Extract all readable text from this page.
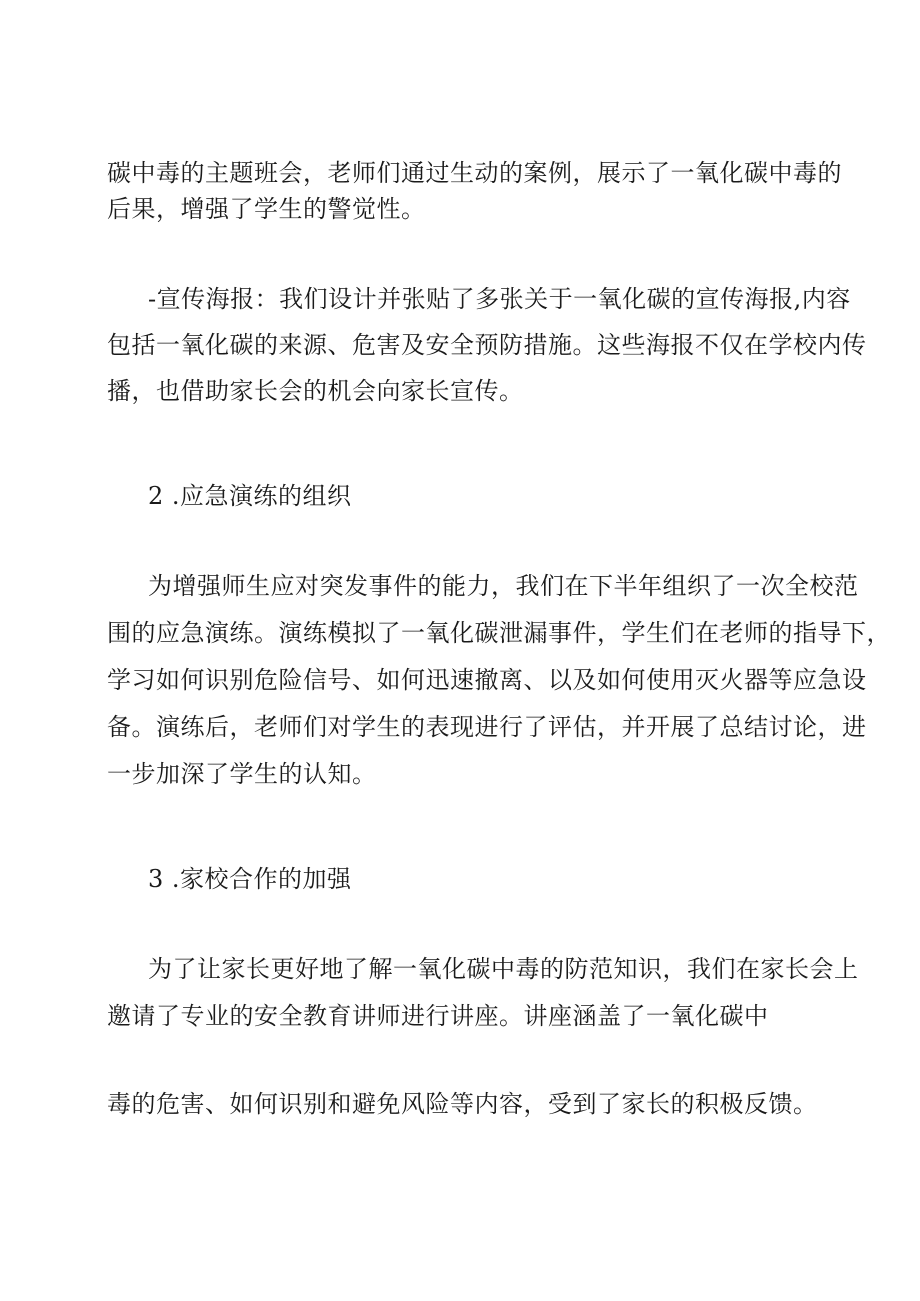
碳中毒的主题班会，老师们通过生动的案例，展示了一氧化碳中毒的
后果，增强了学生的警觉性。
-宣传海报：我们设计并张贴了多张关于一氧化碳的宣传海报,内容
包括一氧化碳的来源、危害及安全预防措施。这些海报不仅在学校内传
播，也借助家长会的机会向家长宣传。
2 .应急演练的组织
为增强师生应对突发事件的能力，我们在下半年组织了一次全校范
围的应急演练。演练模拟了一氧化碳泄漏事件，学生们在老师的指导下，
学习如何识别危险信号、如何迅速撤离、以及如何使用灭火器等应急设
备。演练后，老师们对学生的表现进行了评估，并开展了总结讨论，进
一步加深了学生的认知。
3 .家校合作的加强
为了让家长更好地了解一氧化碳中毒的防范知识，我们在家长会上
邀请了专业的安全教育讲师进行讲座。讲座涵盖了一氧化碳中
毒的危害、如何识别和避免风险等内容，受到了家长的积极反馈。
